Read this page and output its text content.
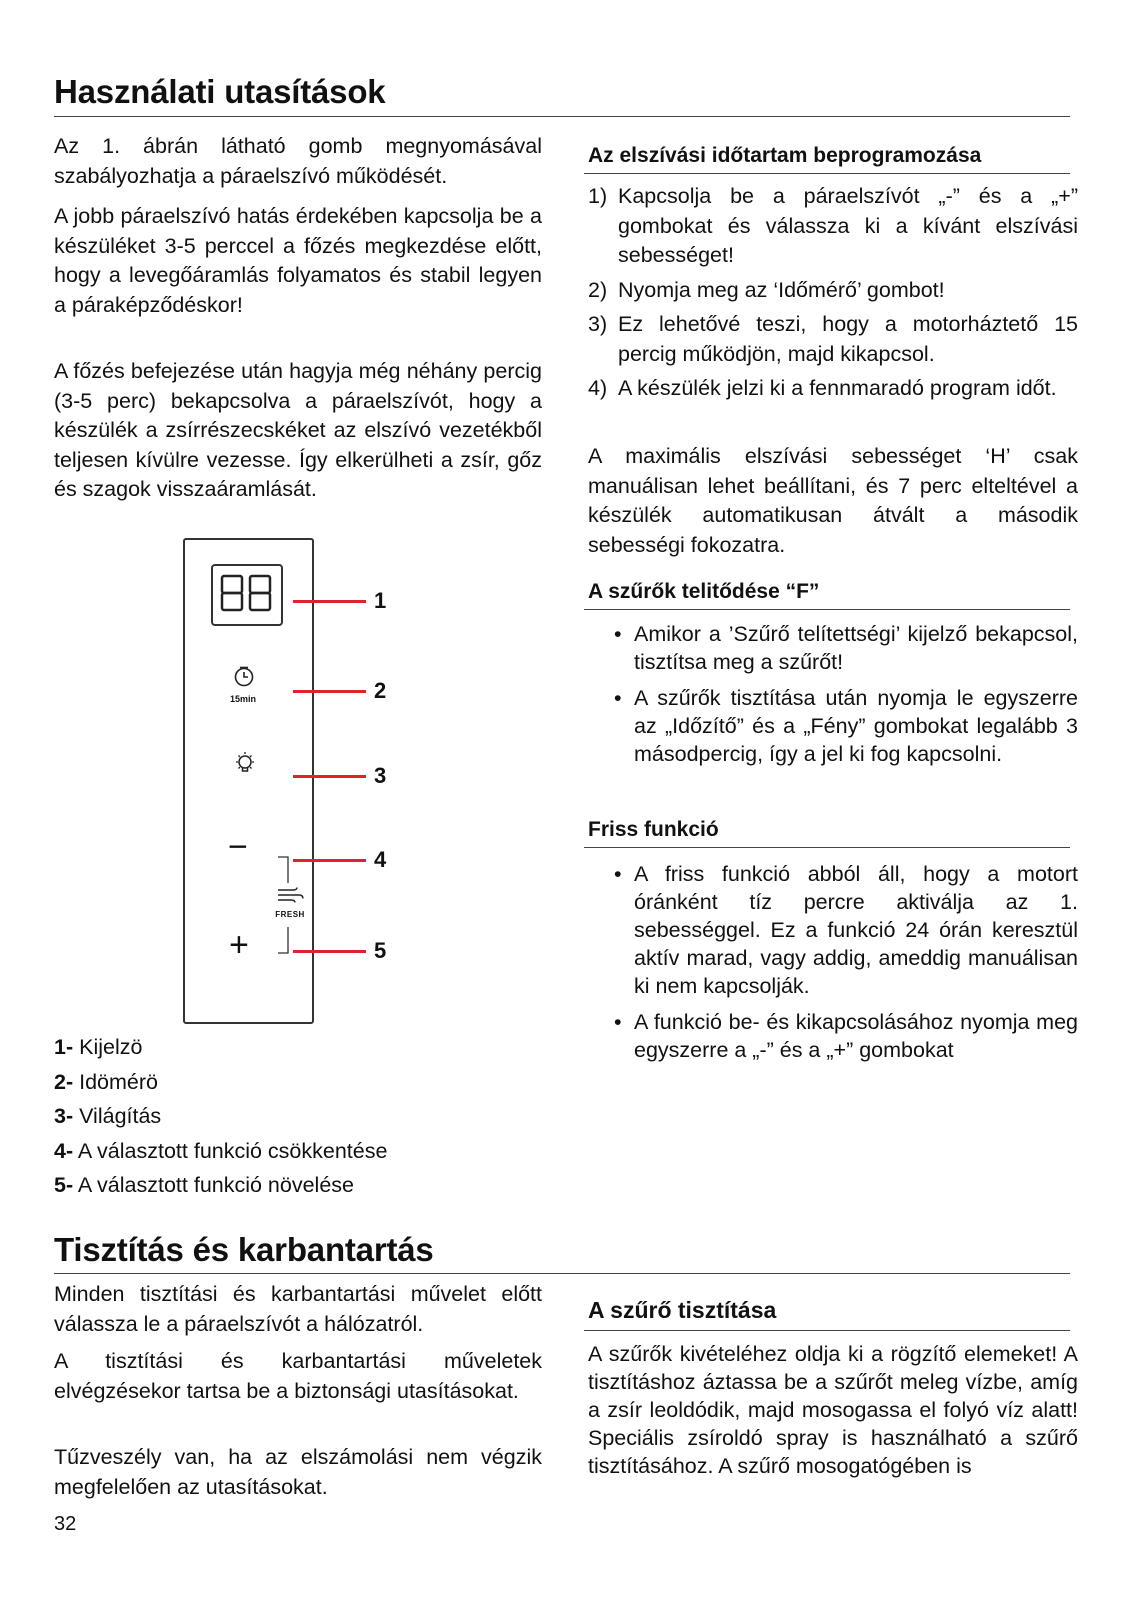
Használati utasítások

Az 1. ábrán látható gomb megnyomásával szabályozhatja a páraelszívó működését.

A jobb páraelszívó hatás érdekében kapcsolja be a készüléket 3-5 perccel a főzés megkezdése előtt, hogy a levegőáramlás folyamatos és stabil legyen a páraképződéskor!

A főzés befejezése után hagyja még néhány percig (3-5 perc) bekapcsolva a páraelszívót, hogy a készülék a zsírrészecskéket az elszívó vezetékből teljesen kívülre vezesse. Így elkerülheti a zsír, gőz és szagok visszaáramlását.

15min
−
FRESH
+
1
2
3
4
5
1- Kijelzö
2- Idömérö
3- Világítás
4- A választott funkció csökkentése
5- A választott funkció növelése
Az elszívási időtartam beprogramozása
1) Kapcsolja be a páraelszívót „-” és a „+” gombokat és válassza ki a kívánt elszívási sebességet!
2) Nyomja meg az ‘Időmérő’ gombot!
3) Ez lehetővé teszi, hogy a motorháztető 15 percig működjön, majd kikapcsol.
4) A készülék jelzi ki a fennmaradó program időt.

A maximális elszívási sebességet ‘H’ csak manuálisan lehet beállítani, és 7 perc elteltével a készülék automatikusan átvált a második sebességi fokozatra.

A szűrők telitődése “F”
• Amikor a ’Szűrő telítettségi’ kijelző bekapcsol, tisztítsa meg a szűrőt!
• A szűrők tisztítása után nyomja le egyszerre az „Időzítő” és a „Fény” gombokat legalább 3 másodpercig, így a jel ki fog kapcsolni.
Friss funkció
• A friss funkció abból áll, hogy a motort óránként tíz percre aktiválja az 1. sebességgel. Ez a funkció 24 órán keresztül aktív marad, vagy addig, ameddig manuálisan ki nem kapcsolják.
• A funkció be- és kikapcsolásához nyomja meg egyszerre a „-” és a „+” gombokat
Tisztítás és karbantartás

Minden tisztítási és karbantartási művelet előtt válassza le a páraelszívót a hálózatról.

A tisztítási és karbantartási műveletek elvégzésekor tartsa be a biztonsági utasításokat.

Tűzveszély van, ha az elszámolási nem végzik megfelelően az utasításokat.

A szűrő tisztítása

A szűrők kivételéhez oldja ki a rögzítő elemeket! A tisztításhoz áztassa be a szűrőt meleg vízbe, amíg a zsír leoldódik, majd mosogassa el folyó víz alatt! Speciális zsíroldó spray is használható a szűrő tisztításához. A szűrő mosogatógében is

32
